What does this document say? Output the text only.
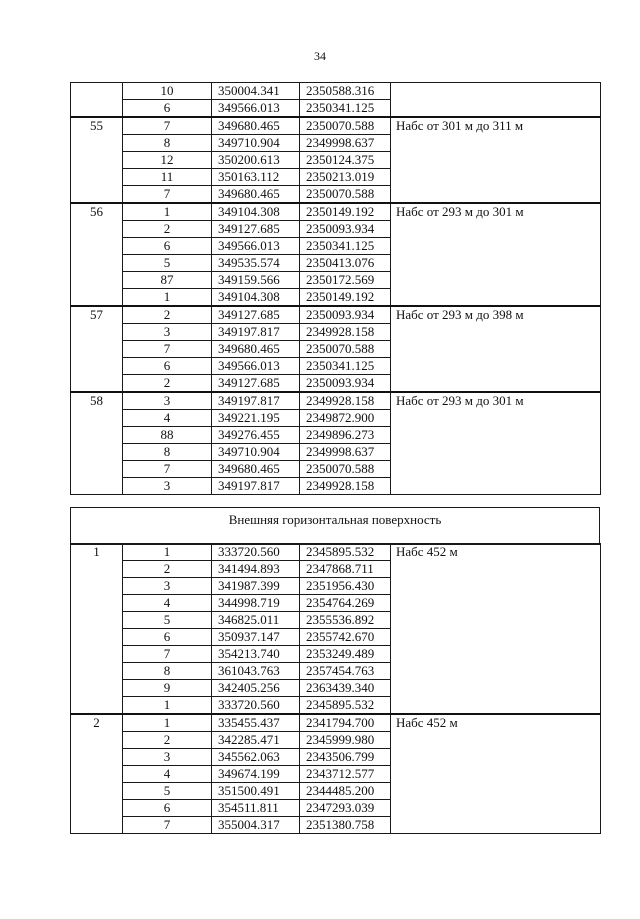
34
	10	350004.341	2350588.316	
	6	349566.013	2350341.125	
55	7	349680.465	2350070.588	Набс от 301 м до 311 м
	8	349710.904	2349998.637	
	12	350200.613	2350124.375	
	11	350163.112	2350213.019	
	7	349680.465	2350070.588	
56	1	349104.308	2350149.192	Набс от 293 м до 301 м
	2	349127.685	2350093.934	
	6	349566.013	2350341.125	
	5	349535.574	2350413.076	
	87	349159.566	2350172.569	
	1	349104.308	2350149.192	
57	2	349127.685	2350093.934	Набс от 293 м до 398 м
	3	349197.817	2349928.158	
	7	349680.465	2350070.588	
	6	349566.013	2350341.125	
	2	349127.685	2350093.934	
58	3	349197.817	2349928.158	Набс от 293 м до 301 м
	4	349221.195	2349872.900	
	88	349276.455	2349896.273	
	8	349710.904	2349998.637	
	7	349680.465	2350070.588	
	3	349197.817	2349928.158	
Внешняя горизонтальная поверхность
1	1	333720.560	2345895.532	Набс 452 м
	2	341494.893	2347868.711	
	3	341987.399	2351956.430	
	4	344998.719	2354764.269	
	5	346825.011	2355536.892	
	6	350937.147	2355742.670	
	7	354213.740	2353249.489	
	8	361043.763	2357454.763	
	9	342405.256	2363439.340	
	1	333720.560	2345895.532	
2	1	335455.437	2341794.700	Набс 452 м
	2	342285.471	2345999.980	
	3	345562.063	2343506.799	
	4	349674.199	2343712.577	
	5	351500.491	2344485.200	
	6	354511.811	2347293.039	
	7	355004.317	2351380.758	
